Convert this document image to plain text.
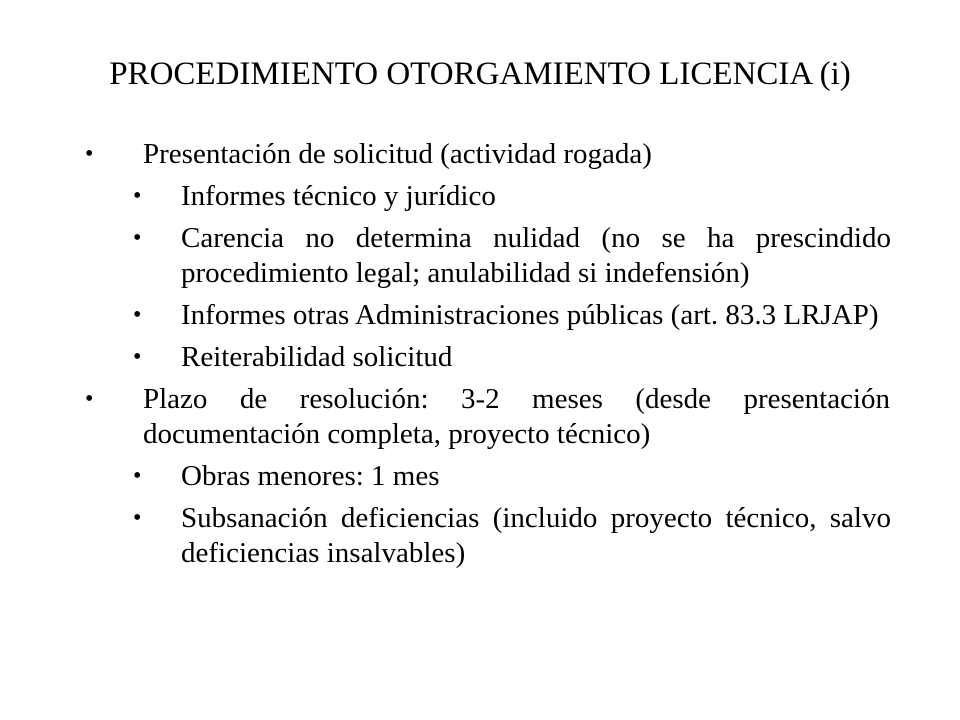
PROCEDIMIENTO OTORGAMIENTO LICENCIA (i)
• Presentación de solicitud (actividad rogada)
• Informes técnico y jurídico
• Carencia no determina nulidad (no se ha prescindido procedimiento legal; anulabilidad si indefensión)
• Informes otras Administraciones públicas (art. 83.3 LRJAP)
• Reiterabilidad solicitud
• Plazo de resolución: 3-2 meses (desde presentación documentación completa, proyecto técnico)
• Obras menores: 1 mes
• Subsanación deficiencias (incluido proyecto técnico, salvo deficiencias insalvables)
